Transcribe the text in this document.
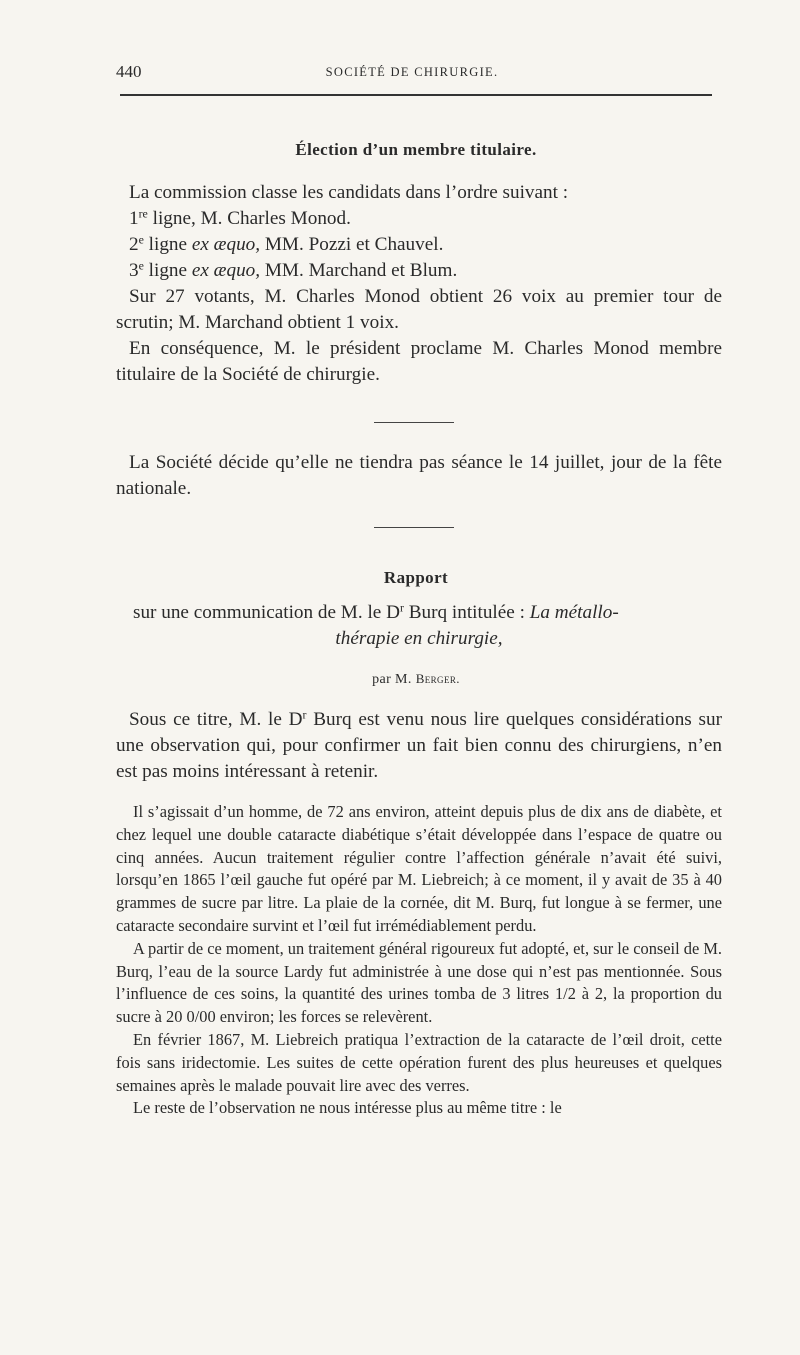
440	SOCIÉTÉ DE CHIRURGIE.
Élection d’un membre titulaire.

La commission classe les candidats dans l’ordre suivant :

1re ligne, M. Charles Monod.

2e ligne ex æquo, MM. Pozzi et Chauvel.

3e ligne ex æquo, MM. Marchand et Blum.

Sur 27 votants, M. Charles Monod obtient 26 voix au premier tour de scrutin; M. Marchand obtient 1 voix.

En conséquence, M. le président proclame M. Charles Monod membre titulaire de la Société de chirurgie.

La Société décide qu’elle ne tiendra pas séance le 14 juillet, jour de la fête nationale.

Rapport
sur une communication de M. le $D^r$ Burq intitulée : La métallo-
thérapie en chirurgie,
par M. Berger.

Sous ce titre, M. le $D^r$ Burq est venu nous lire quelques considérations sur une observation qui, pour confirmer un fait bien connu des chirurgiens, n’en est pas moins intéressant à retenir.

Il s’agissait d’un homme, de 72 ans environ, atteint depuis plus de dix ans de diabète, et chez lequel une double cataracte diabétique s’était développée dans l’espace de quatre ou cinq années. Aucun traitement régulier contre l’affection générale n’avait été suivi, lorsqu’en 1865 l’œil gauche fut opéré par M. Liebreich; à ce moment, il y avait de 35 à 40 grammes de sucre par litre. La plaie de la cornée, dit M. Burq, fut longue à se fermer, une cataracte secondaire survint et l’œil fut irrémédiablement perdu.

A partir de ce moment, un traitement général rigoureux fut adopté, et, sur le conseil de M. Burq, l’eau de la source Lardy fut administrée à une dose qui n’est pas mentionnée. Sous l’influence de ces soins, la quantité des urines tomba de 3 litres 1/2 à 2, la proportion du sucre à 20 0/00 environ; les forces se relevèrent.

En février 1867, M. Liebreich pratiqua l’extraction de la cataracte de l’œil droit, cette fois sans iridectomie. Les suites de cette opération furent des plus heureuses et quelques semaines après le malade pouvait lire avec des verres.

Le reste de l’observation ne nous intéresse plus au même titre : le
